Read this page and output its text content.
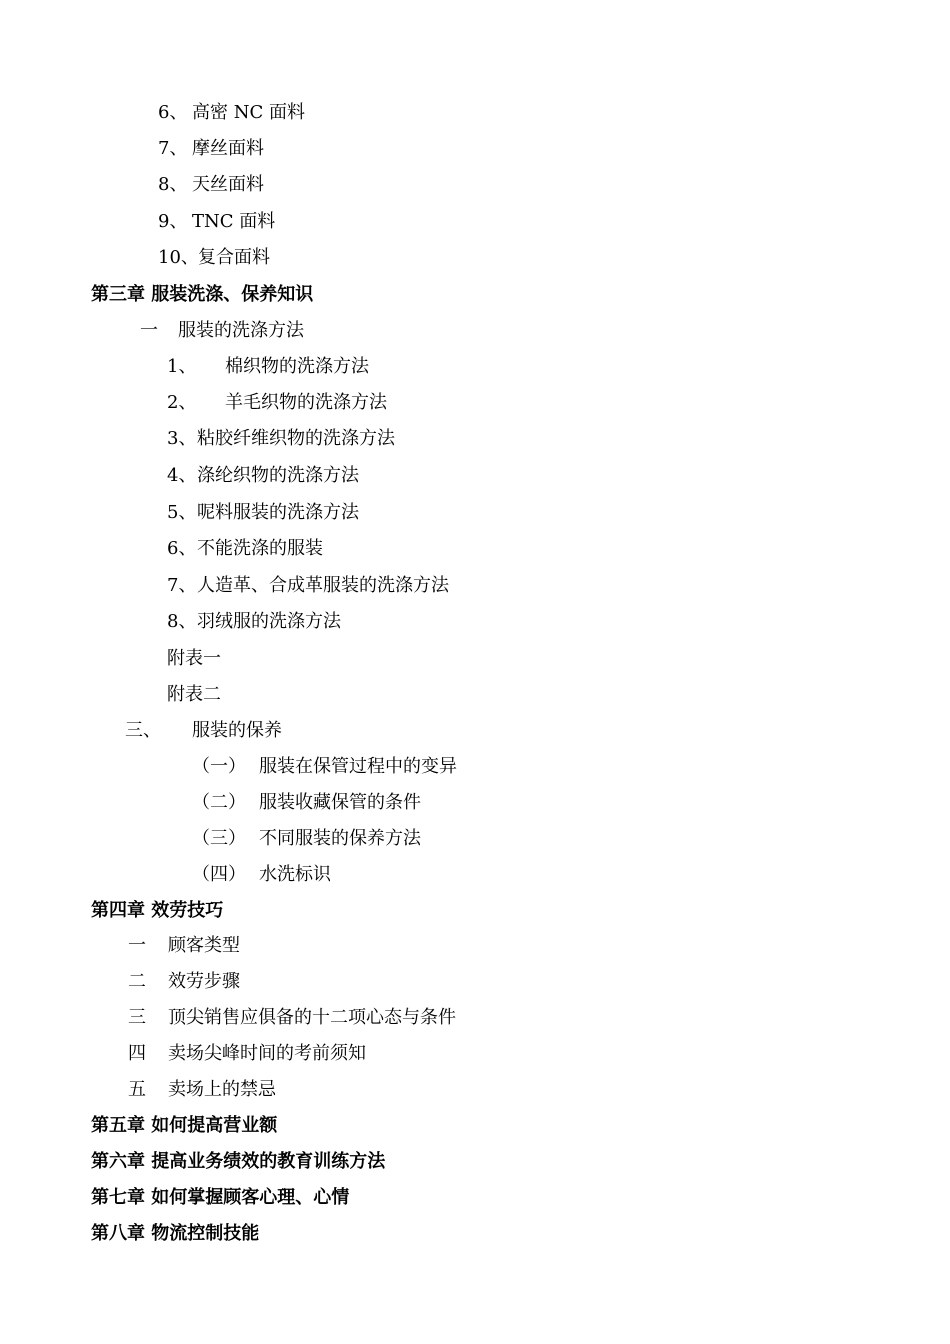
6、 高密 NC 面料
7、 摩丝面料
8、 天丝面料
9、 TNC 面料
10、复合面料
第三章 服装洗涤、保养知识
一 服装的洗涤方法
1、 棉织物的洗涤方法
2、 羊毛织物的洗涤方法
3、粘胶纤维织物的洗涤方法
4、涤纶织物的洗涤方法
5、呢料服装的洗涤方法
6、不能洗涤的服装
7、人造革、合成革服装的洗涤方法
8、羽绒服的洗涤方法
附表一
附表二
三、 服装的保养
（一） 服装在保管过程中的变异
（二） 服装收藏保管的条件
（三） 不同服装的保养方法
（四） 水洗标识
第四章 效劳技巧
一 顾客类型
二 效劳步骤
三 顶尖销售应俱备的十二项心态与条件
四 卖场尖峰时间的考前须知
五 卖场上的禁忌
第五章 如何提高营业额
第六章 提高业务绩效的教育训练方法
第七章 如何掌握顾客心理、心情
第八章 物流控制技能
